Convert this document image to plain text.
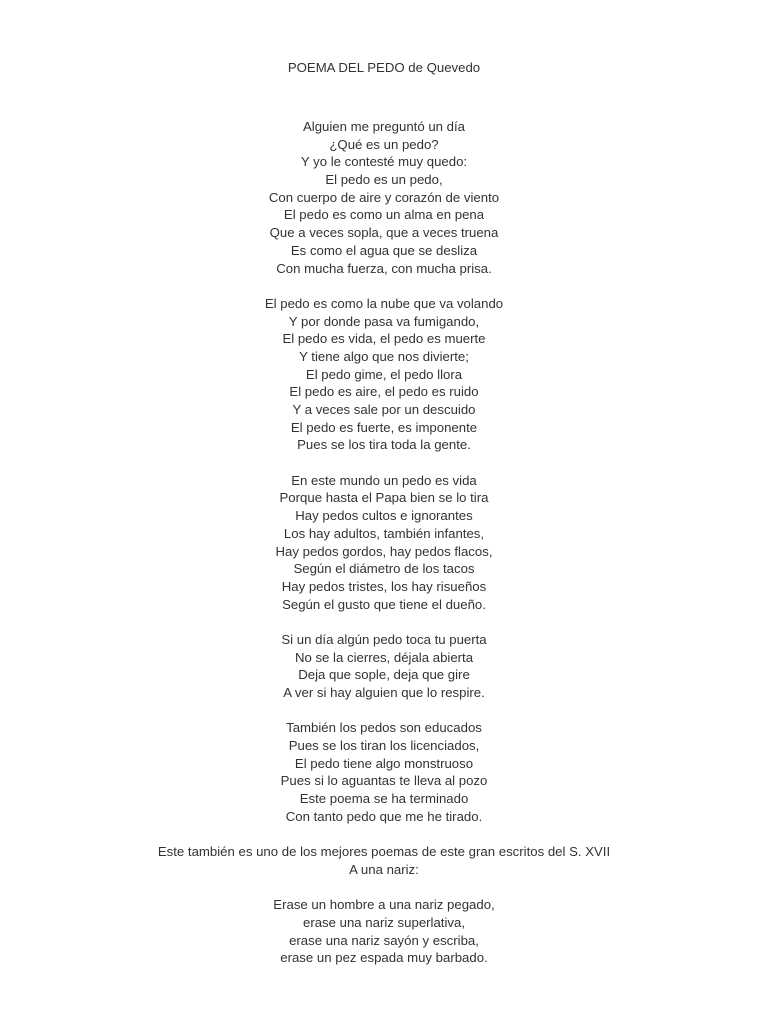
POEMA DEL PEDO de Quevedo
Alguien me preguntó un día
¿Qué es un pedo?
Y yo le contesté muy quedo:
El pedo es un pedo,
Con cuerpo de aire y corazón de viento
El pedo es como un alma en pena
Que a veces sopla, que a veces truena
Es como el agua que se desliza
Con mucha fuerza, con mucha prisa.
El pedo es como la nube que va volando
Y por donde pasa va fumigando,
El pedo es vida, el pedo es muerte
Y tiene algo que nos divierte;
El pedo gime, el pedo llora
El pedo es aire, el pedo es ruido
Y a veces sale por un descuido
El pedo es fuerte, es imponente
Pues se los tira toda la gente.
En este mundo un pedo es vida
Porque hasta el Papa bien se lo tira
Hay pedos cultos e ignorantes
Los hay adultos, también infantes,
Hay pedos gordos, hay pedos flacos,
Según el diámetro de los tacos
Hay pedos tristes, los hay risueños
Según el gusto que tiene el dueño.
Si un día algún pedo toca tu puerta
No se la cierres, déjala abierta
Deja que sople, deja que gire
A ver si hay alguien que lo respire.
También los pedos son educados
Pues se los tiran los licenciados,
El pedo tiene algo monstruoso
Pues si lo aguantas te lleva al pozo
Este poema se ha terminado
Con tanto pedo que me he tirado.
Este también es uno de los mejores poemas de este gran escritos del S. XVII
A una nariz:
Erase un hombre a una nariz pegado,
erase una nariz superlativa,
erase una nariz sayón y escriba,
erase un pez espada muy barbado.
